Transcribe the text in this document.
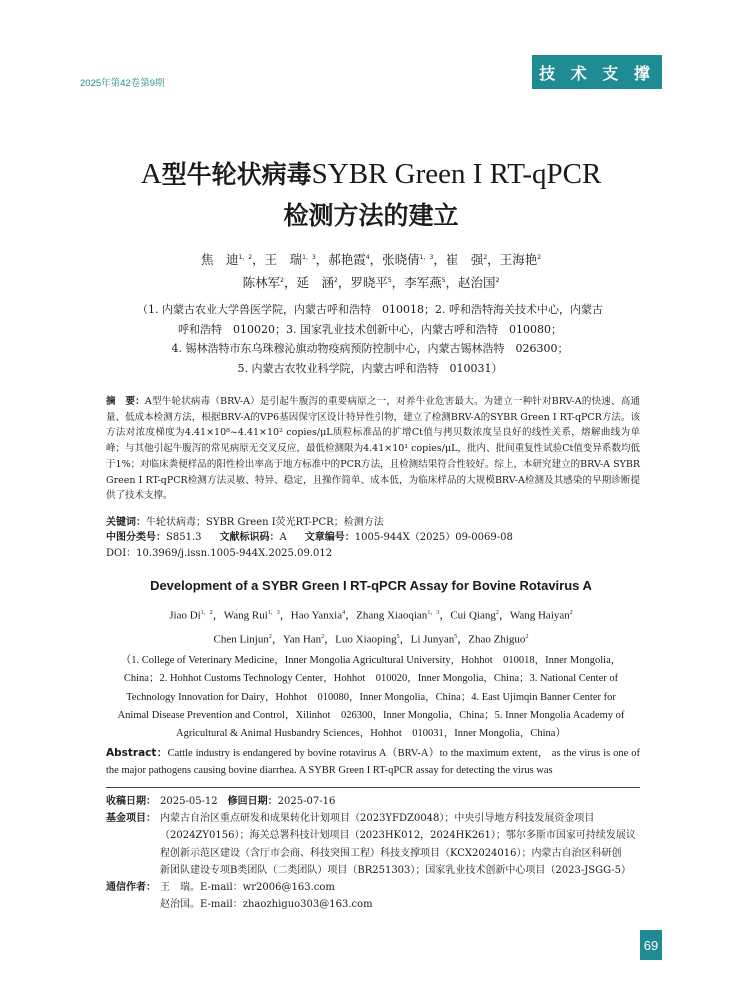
2025年第42卷第9期
技 术 支 撑
A型牛轮状病毒SYBR Green I RT-qPCR
检测方法的建立
焦　迪$^{1,2}$，王　瑞$^{1,3}$，郝艳霞$^4$，张晓倩$^{1,3}$，崔　强$^2$，王海艳$^2$
陈林军$^2$，延　涵$^2$，罗晓平$^5$，李军燕$^5$，赵治国$^2$
（1. 内蒙古农业大学兽医学院，内蒙古呼和浩特　010018；2. 呼和浩特海关技术中心，内蒙古
呼和浩特　010020；3. 国家乳业技术创新中心，内蒙古呼和浩特　010080；
4. 锡林浩特市东乌珠穆沁旗动物疫病预防控制中心，内蒙古锡林浩特　026300；
5. 内蒙古农牧业科学院，内蒙古呼和浩特　010031）

摘　要：A型牛轮状病毒（BRV-A）是引起牛腹泻的重要病原之一，对养牛业危害最大。为建立一种针对BRV-A的快速、高通量、低成本检测方法，根据BRV-A的VP6基因保守区设计特异性引物，建立了检测BRV-A的SYBR Green I RT-qPCR方法。该方法对浓度梯度为4.41×10⁸~4.41×10² copies/μL质粒标准品的扩增Ct值与拷贝数浓度呈良好的线性关系，熔解曲线为单峰；与其他引起牛腹泻的常见病原无交叉反应，最低检测限为4.41×10¹ copies/μL，批内、批间重复性试验Ct值变异系数均低于1%；对临床粪便样品的阳性检出率高于地方标准中的PCR方法，且检测结果符合性较好。综上，本研究建立的BRV-A SYBR Green I RT-qPCR检测方法灵敏、特异、稳定，且操作简单、成本低，为临床样品的大规模BRV-A检测及其感染的早期诊断提供了技术支撑。

关键词：牛轮状病毒；SYBR Green I荧光RT-PCR；检测方法

中图分类号：S851.3 文献标识码：A 文章编号：1005-944X（2025）09-0069-08

DOI：10.3969/j.issn.1005-944X.2025.09.012

Development of a SYBR Green I RT-qPCR Assay for Bovine Rotavirus A
Jiao $Di^{1,2}$，Wang Rui$^{1,3}$，Hao Yanxia$^4$，Zhang Xiaoqian$^{1,3}$，Cui Qiang$^2$，Wang Haiyan$^2$
Chen Linjun$^2$，Yan Han$^2$，Luo Xiaoping$^5$，Li Junyan$^5$，Zhao Zhiguo$^2$
（1. College of Veterinary Medicine，Inner Mongolia Agricultural University，Hohhot　010018，Inner Mongolia，
China；2. Hohhot Customs Technology Center，Hohhot　010020，Inner Mongolia，China；3. National Center of
Technology Innovation for Dairy，Hohhot　010080，Inner Mongolia，China；4. East Ujimqin Banner Center for
Animal Disease Prevention and Control，Xilinhot　026300，Inner Mongolia，China；5. Inner Mongolia Academy of
Agricultural & Animal Husbandry Sciences，Hohhot　010031，Inner Mongolia，China）

Abstract：Cattle industry is endangered by bovine rotavirus A（BRV-A）to the maximum extent， as the virus is one of the major pathogens causing bovine diarrhea. A SYBR Green I RT-qPCR assay for detecting the virus was

收稿日期： 2025-05-12　 修回日期：2025-07-16
基金项目： 内蒙古自治区重点研发和成果转化计划项目（2023YFDZ0048）；中央引导地方科技发展资金项目
（2024ZY0156）；海关总署科技计划项目（2023HK012，2024HK261）；鄂尔多斯市国家可持续发展议
程创新示范区建设（含厅市会商、科技突围工程）科技支撑项目（KCX2024016）；内蒙古自治区科研创
新团队建设专项B类团队（二类团队）项目（BR251303）；国家乳业技术创新中心项目（2023-JSGG-5）
通信作者： 王　瑞。E-mail：wr2006@163.com
赵治国。E-mail：zhaozhiguo303@163.com
69
